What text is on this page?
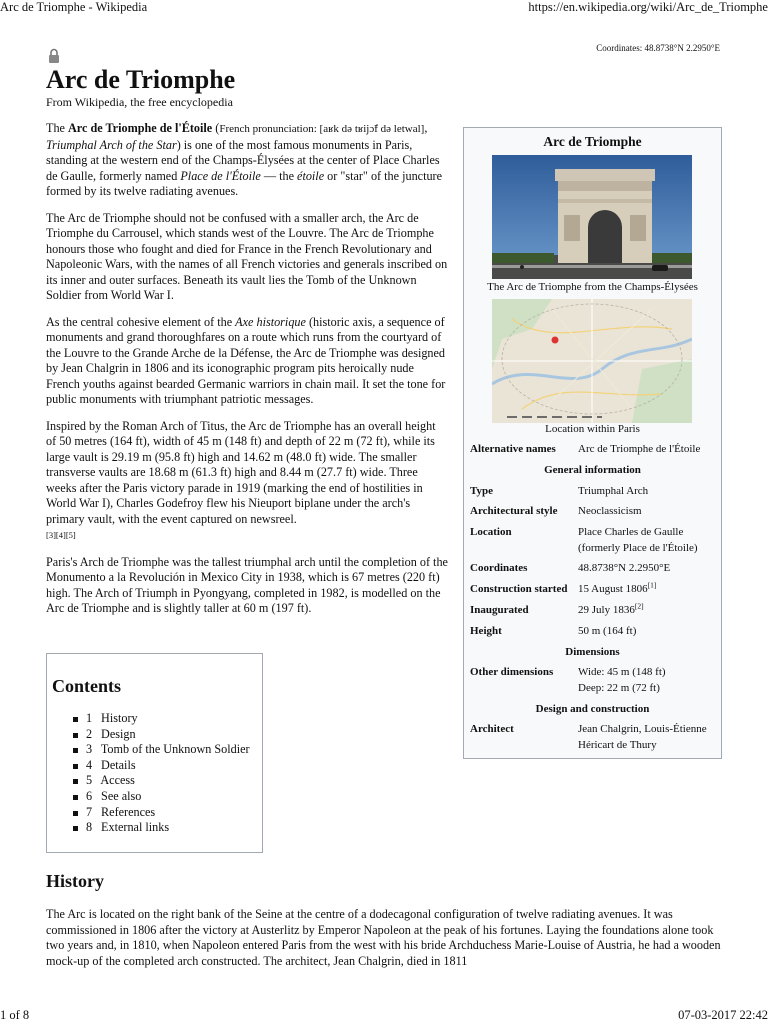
Arc de Triomphe - Wikipedia	https://en.wikipedia.org/wiki/Arc_de_Triomphe
Coordinates: 48.8738°N 2.2950°E
Arc de Triomphe
From Wikipedia, the free encyclopedia

The Arc de Triomphe de l'Étoile (French pronunciation: [aʁk də tʁijɔ̃f də letwal], Triumphal Arch of the Star) is one of the most famous monuments in Paris, standing at the western end of the Champs-Élysées at the center of Place Charles de Gaulle, formerly named Place de l'Étoile — the étoile or "star" of the juncture formed by its twelve radiating avenues.

The Arc de Triomphe should not be confused with a smaller arch, the Arc de Triomphe du Carrousel, which stands west of the Louvre. The Arc de Triomphe honours those who fought and died for France in the French Revolutionary and Napoleonic Wars, with the names of all French victories and generals inscribed on its inner and outer surfaces. Beneath its vault lies the Tomb of the Unknown Soldier from World War I.

As the central cohesive element of the Axe historique (historic axis, a sequence of monuments and grand thoroughfares on a route which runs from the courtyard of the Louvre to the Grande Arche de la Défense, the Arc de Triomphe was designed by Jean Chalgrin in 1806 and its iconographic program pits heroically nude French youths against bearded Germanic warriors in chain mail. It set the tone for public monuments with triumphant patriotic messages.

Inspired by the Roman Arch of Titus, the Arc de Triomphe has an overall height of 50 metres (164 ft), width of 45 m (148 ft) and depth of 22 m (72 ft), while its large vault is 29.19 m (95.8 ft) high and 14.62 m (48.0 ft) wide. The smaller transverse vaults are 18.68 m (61.3 ft) high and 8.44 m (27.7 ft) wide. Three weeks after the Paris victory parade in 1919 (marking the end of hostilities in World War I), Charles Godefroy flew his Nieuport biplane under the arch's primary vault, with the event captured on newsreel.
[3][4][5]

Paris's Arch de Triomphe was the tallest triumphal arch until the completion of the Monumento a la Revolución in Mexico City in 1938, which is 67 metres (220 ft) high. The Arch of Triumph in Pyongyang, completed in 1982, is modelled on the Arc de Triomphe and is slightly taller at 60 m (197 ft).

Contents
1 History
2 Design
3 Tomb of the Unknown Soldier
4 Details
5 Access
6 See also
7 References
8 External links
History

The Arc is located on the right bank of the Seine at the centre of a dodecagonal configuration of twelve radiating avenues. It was commissioned in 1806 after the victory at Austerlitz by Emperor Napoleon at the peak of his fortunes. Laying the foundations alone took two years and, in 1810, when Napoleon entered Paris from the west with his bride Archduchess Marie-Louise of Austria, he had a wooden mock-up of the completed arch constructed. The architect, Jean Chalgrin, died in 1811

Arc de Triomphe
The Arc de Triomphe from the Champs-Élysées
Location within Paris
Alternative names	Arc de Triomphe de l'Étoile
General information
Type	Triumphal Arch
Architectural style	Neoclassicism
Location	Place Charles de Gaulle
(formerly Place de l'Étoile)
Coordinates	48.8738°N 2.2950°E
Construction started 15 August 1806[1]
Inaugurated	29 July 1836[2]
Height	50 m (164 ft)
Dimensions
Other dimensions	Wide: 45 m (148 ft)
Deep: 22 m (72 ft)
Design and construction
Architect	Jean Chalgrin, Louis-Étienne
Héricart de Thury
1 of 8	07-03-2017 22:42
